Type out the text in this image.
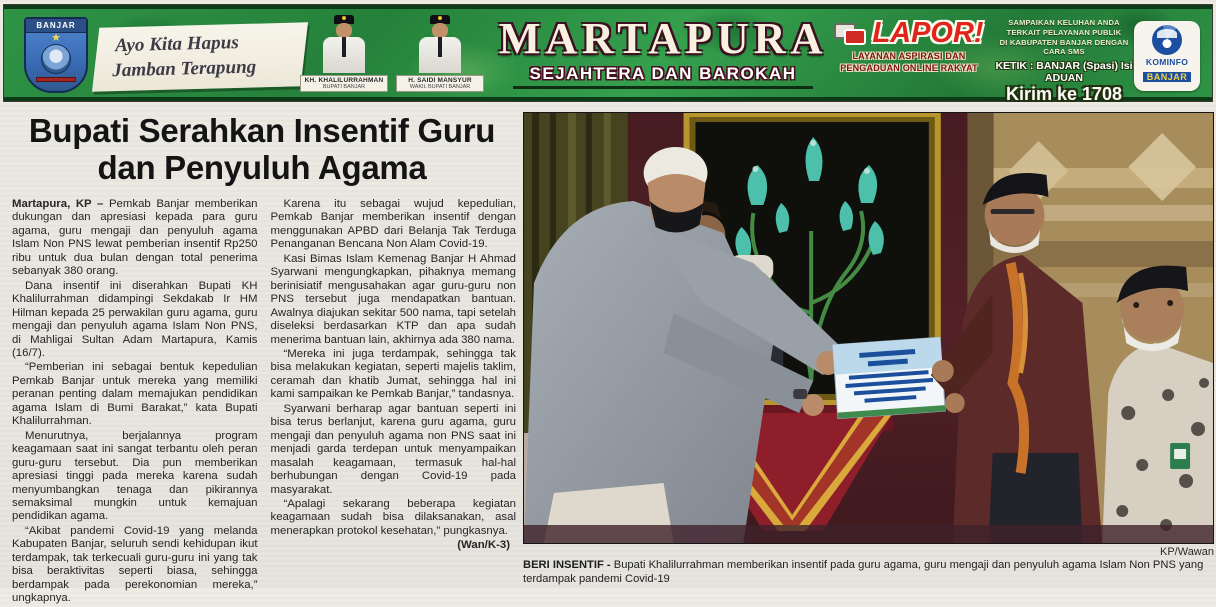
BANJAR
★	Ayo Kita Hapus
Jamban Terapung	KH. KHALILURRAHMAN
BUPATI BANJAR
H. SAIDI MANSYUR
WAKIL BUPATI BANJAR
MARTAPURA
SEJAHTERA DAN BAROKAH
LAPOR!
LAYANAN ASPIRASI DAN
PENGADUAN ONLINE RAKYAT
SAMPAIKAN KELUHAN ANDA
TERKAIT PELAYANAN PUBLIK
DI KABUPATEN BANJAR DENGAN CARA SMS
KETIK : BANJAR (Spasi) Isi ADUAN
Kirim ke 1708
KOMINFO
BANJAR
Bupati Serahkan Insentif Guru
dan Penyuluh Agama

Martapura, KP – Pemkab Banjar memberikan dukungan dan apresiasi kepada para guru agama, guru mengaji dan penyuluh agama Islam Non PNS lewat pemberian insentif Rp250 ribu untuk dua bulan dengan total penerima sebanyak 380 orang.

Dana insentif ini diserahkan Bupati KH Khalilurrahman didampingi Sekdakab Ir HM Hilman kepada 25 perwakilan guru agama, guru mengaji dan penyuluh agama Islam Non PNS, di Mahligai Sultan Adam Martapura, Kamis (16/7).

“Pemberian ini sebagai bentuk kepedulian Pemkab Banjar untuk mereka yang memiliki peranan penting dalam memajukan pendidikan agama Islam di Bumi Barakat,” kata Bupati Khalilurrahman.

Menurutnya, berjalannya program keagamaan saat ini sangat terbantu oleh peran guru-guru tersebut. Dia pun memberikan apresiasi tinggi pada mereka karena sudah menyumbangkan tenaga dan pikirannya semaksimal mungkin untuk kemajuan pendidikan agama.

“Akibat pandemi Covid-19 yang melanda Kabupaten Banjar, seluruh sendi kehidupan ikut terdampak, tak terkecuali guru-guru ini yang tak bisa beraktivitas seperti biasa, sehingga berdampak pada perekonomian mereka,” ungkapnya.

Karena itu sebagai wujud kepedulian, Pemkab Banjar memberikan insentif dengan menggunakan APBD dari Belanja Tak Terduga Penanganan Bencana Non Alam Covid-19.

Kasi Bimas Islam Kemenag Banjar H Ahmad Syarwani mengungkapkan, pihaknya memang berinisiatif mengusahakan agar guru-guru non PNS tersebut juga mendapatkan bantuan. Awalnya diajukan sekitar 500 nama, tapi setelah diseleksi berdasarkan KTP dan apa sudah menerima bantuan lain, akhirnya ada 380 nama.

“Mereka ini juga terdampak, sehingga tak bisa melakukan kegiatan, seperti majelis taklim, ceramah dan khatib Jumat, sehingga hal ini kami sampaikan ke Pemkab Banjar,” tandasnya.

Syarwani berharap agar bantuan seperti ini bisa terus berlanjut, karena guru agama, guru mengaji dan penyuluh agama non PNS saat ini menjadi garda terdepan untuk menyampaikan masalah keagamaan, termasuk hal-hal berhubungan dengan Covid-19 pada masyarakat.

“Apalagi sekarang beberapa kegiatan keagamaan sudah bisa dilaksanakan, asal menerapkan protokol kesehatan,” pungkasnya.

(Wan/K-3)

KP/Wawan
BERI INSENTIF - Bupati Khalilurrahman memberikan insentif pada guru agama, guru mengaji dan penyuluh agama Islam Non PNS yang terdampak pandemi Covid-19
